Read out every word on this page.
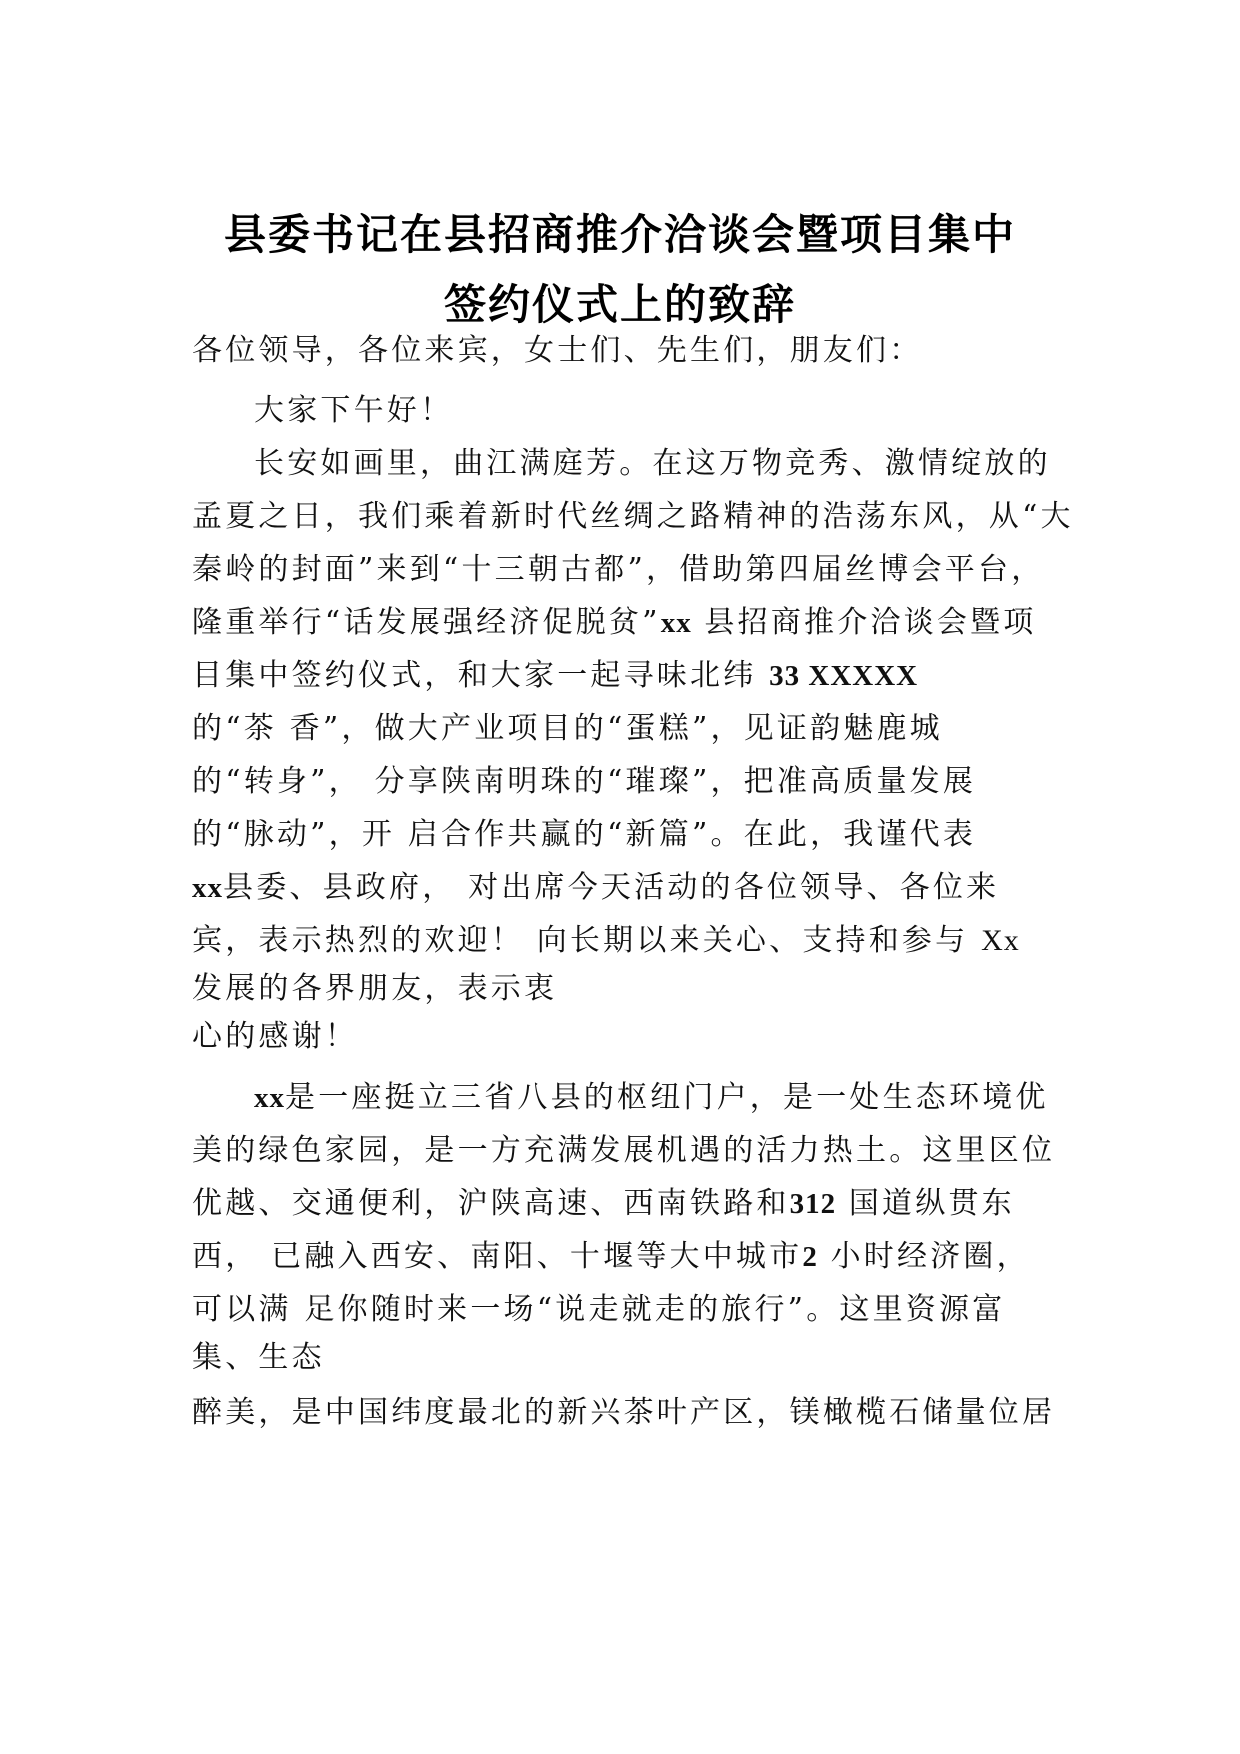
县委书记在县招商推介洽谈会暨项目集中
签约仪式上的致辞
各位领导，各位来宾，女士们、先生们，朋友们：
大家下午好！
长安如画里，曲江满庭芳。在这万物竞秀、激情绽放的
孟夏之日，我们乘着新时代丝绸之路精神的浩荡东风，从“大
秦岭的封面”来到“十三朝古都”，借助第四届丝博会平台，
隆重举行“话发展强经济促脱贫”xx 县招商推介洽谈会暨项
目集中签约仪式，和大家一起寻味北纬 33 XXXXX
的“茶 香”，做大产业项目的“蛋糕”，见证韵魅鹿城
的“转身”， 分享陕南明珠的“璀璨”，把准高质量发展
的“脉动”，开 启合作共赢的“新篇”。在此，我谨代表
xx县委、县政府， 对出席今天活动的各位领导、各位来
宾，表示热烈的欢迎！ 向长期以来关心、支持和参与 Xx
发展的各界朋友，表示衷
心的感谢！
xx是一座挺立三省八县的枢纽门户，是一处生态环境优
美的绿色家园，是一方充满发展机遇的活力热土。这里区位
优越、交通便利，沪陕高速、西南铁路和312 国道纵贯东
西， 已融入西安、南阳、十堰等大中城市2 小时经济圈，
可以满 足你随时来一场“说走就走的旅行”。这里资源富
集、生态
醉美，是中国纬度最北的新兴茶叶产区，镁橄榄石储量位居
